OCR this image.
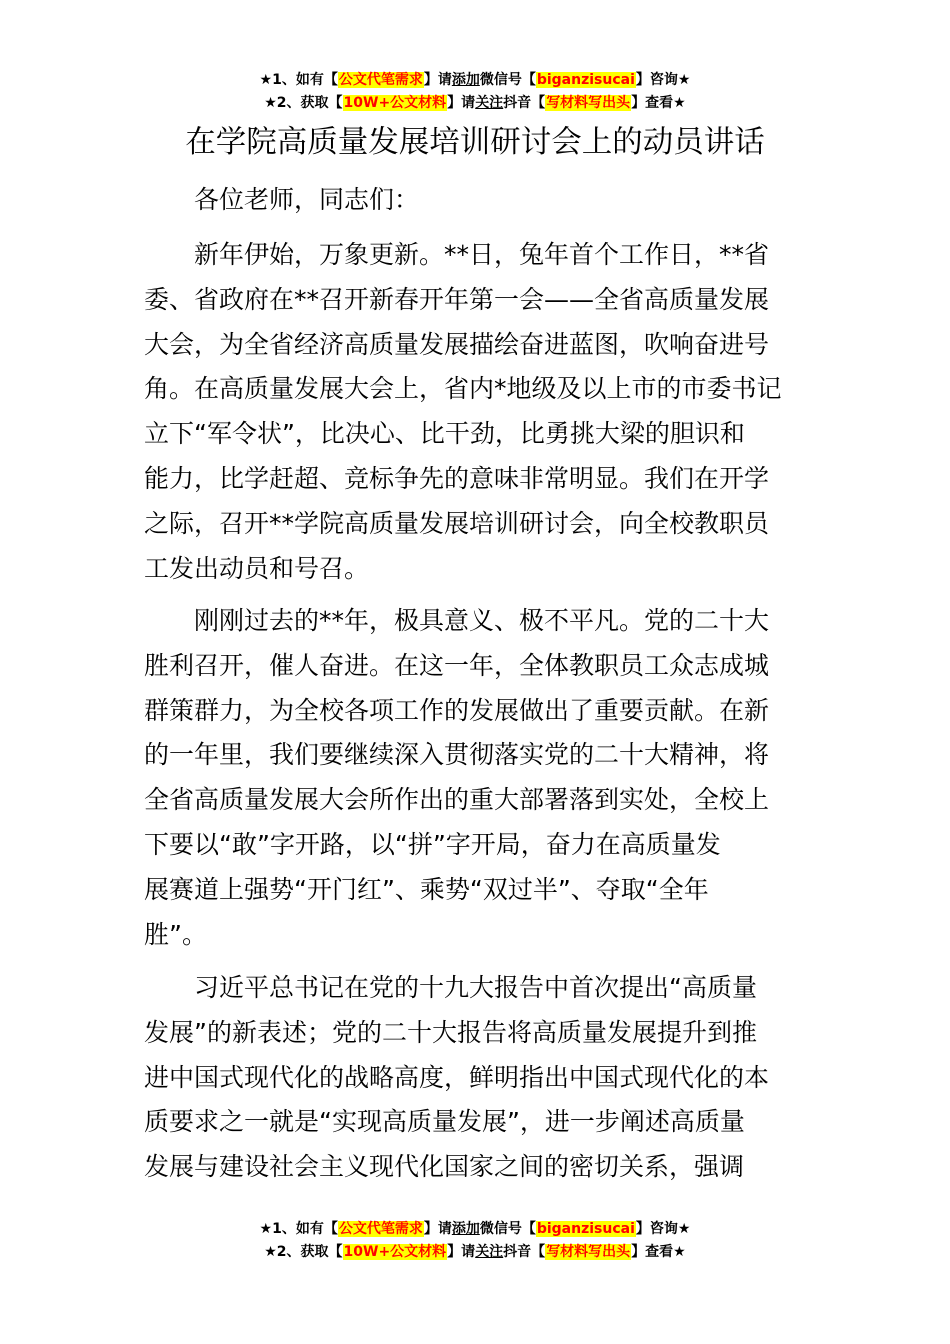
★1、如有【公文代笔需求】请添加微信号【biganzisucai】咨询★
★2、获取【10W+公文材料】请关注抖音【写材料写出头】查看★
在学院高质量发展培训研讨会上的动员讲话
各位老师，同志们：
新年伊始，万象更新。**日，兔年首个工作日，**省
委、省政府在**召开新春开年第一会——全省高质量发展
大会，为全省经济高质量发展描绘奋进蓝图，吹响奋进号
角。在高质量发展大会上，省内*地级及以上市的市委书记
立下“军令状”，比决心、比干劲，比勇挑大梁的胆识和
能力，比学赶超、竞标争先的意味非常明显。我们在开学
之际，召开**学院高质量发展培训研讨会，向全校教职员
工发出动员和号召。
刚刚过去的**年，极具意义、极不平凡。党的二十大
胜利召开，催人奋进。在这一年，全体教职员工众志成城
群策群力，为全校各项工作的发展做出了重要贡献。在新
的一年里，我们要继续深入贯彻落实党的二十大精神，将
全省高质量发展大会所作出的重大部署落到实处，全校上
下要以“敢”字开路，以“拼”字开局，奋力在高质量发
展赛道上强势“开门红”、乘势“双过半”、夺取“全年
胜”。
习近平总书记在党的十九大报告中首次提出“高质量
发展”的新表述；党的二十大报告将高质量发展提升到推
进中国式现代化的战略高度，鲜明指出中国式现代化的本
质要求之一就是“实现高质量发展”，进一步阐述高质量
发展与建设社会主义现代化国家之间的密切关系，强调
★1、如有【公文代笔需求】请添加微信号【biganzisucai】咨询★
★2、获取【10W+公文材料】请关注抖音【写材料写出头】查看★
